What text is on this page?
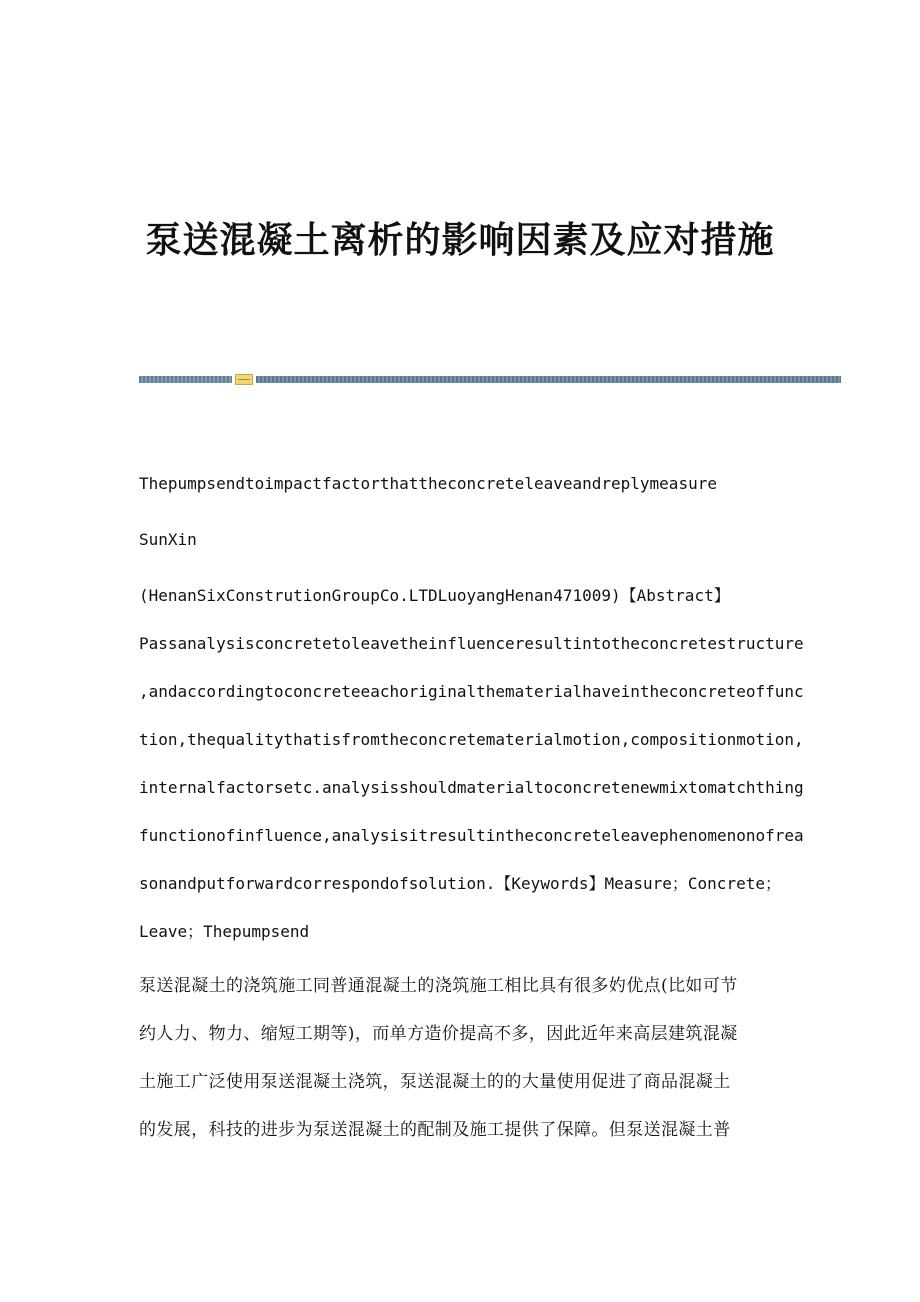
泵送混凝土离析的影响因素及应对措施
Thepumpsendtoimpactfactorthattheconcreteleaveandreplymeasure
SunXin
(HenanSixConstrutionGroupCo.LTDLuoyangHenan471009)【Abstract】
Passanalysisconcretetoleavetheinfluenceresultintotheconcretestructure
,andaccordingtoconcreteeachoriginalthematerialhaveintheconcreteoffunc
tion,thequalitythatisfromtheconcretematerialmotion,compositionmotion,
internalfactorsetc.analysisshouldmaterialtoconcretenewmixtomatchthing
functionofinfluence,analysisitresultintheconcreteleavephenomenonofrea
sonandputforwardcorrespondofsolution.【Keywords】Measure；Concrete；
Leave；Thepumpsend
泵送混凝土的浇筑施工同普通混凝土的浇筑施工相比具有很多妁优点(比如可节
约人力、物力、缩短工期等)，而单方造价提高不多，因此近年来高层建筑混凝
土施工广泛使用泵送混凝土浇筑，泵送混凝土的的大量使用促进了商品混凝土
的发展，科技的进步为泵送混凝土的配制及施工提供了保障。但泵送混凝土普
